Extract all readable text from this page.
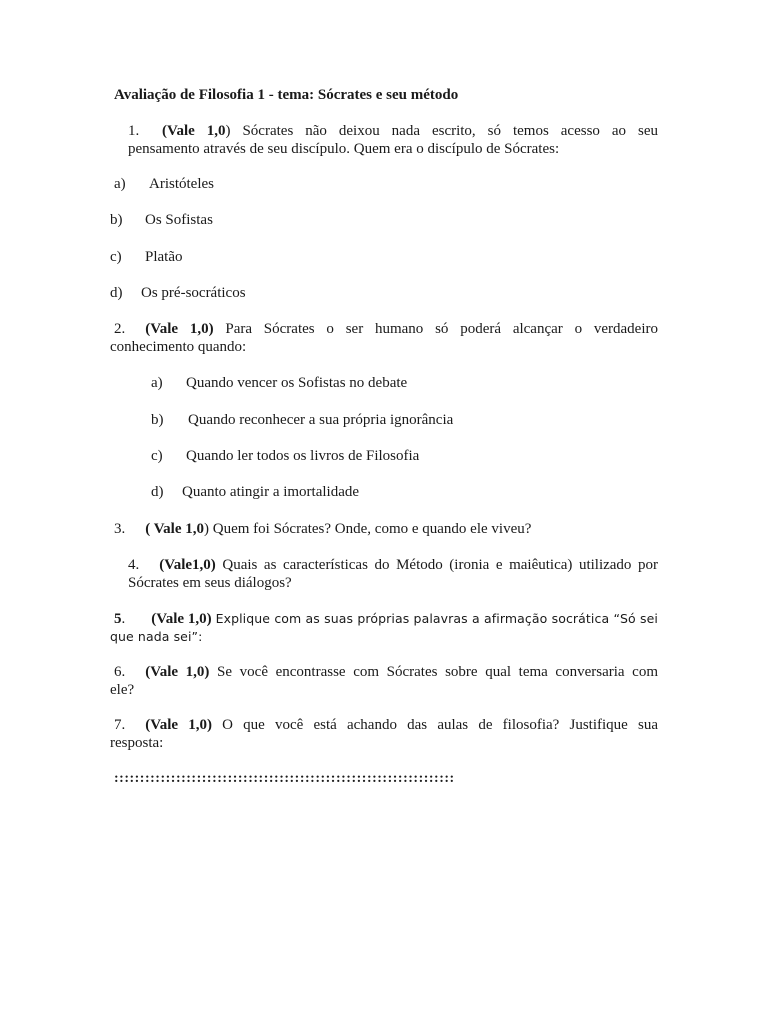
Avaliação de Filosofia 1 - tema: Sócrates e seu método
1. (Vale 1,0) Sócrates não deixou nada escrito, só temos acesso ao seu
pensamento através de seu discípulo. Quem era o discípulo de Sócrates:
a) Aristóteles
b) Os Sofistas
c) Platão
d) Os pré-socráticos
2. (Vale 1,0) Para Sócrates o ser humano só poderá alcançar o verdadeiro
conhecimento quando:
a) Quando vencer os Sofistas no debate
b) Quando reconhecer a sua própria ignorância
c) Quando ler todos os livros de Filosofia
d) Quanto atingir a imortalidade
3. ( Vale 1,0) Quem foi Sócrates? Onde, como e quando ele viveu?
4. (Vale1,0) Quais as características do Método (ironia e maiêutica) utilizado por
Sócrates em seus diálogos?
5. (Vale 1,0) Explique com as suas próprias palavras a afirmação socrática “Só sei
que nada sei”:
6. (Vale 1,0) Se você encontrasse com Sócrates sobre qual tema conversaria com
ele?
7. (Vale 1,0) O que você está achando das aulas de filosofia? Justifique sua
resposta:
::::::::::::::::::::::::::::::::::::::::::::::::::::::::::::::::::
